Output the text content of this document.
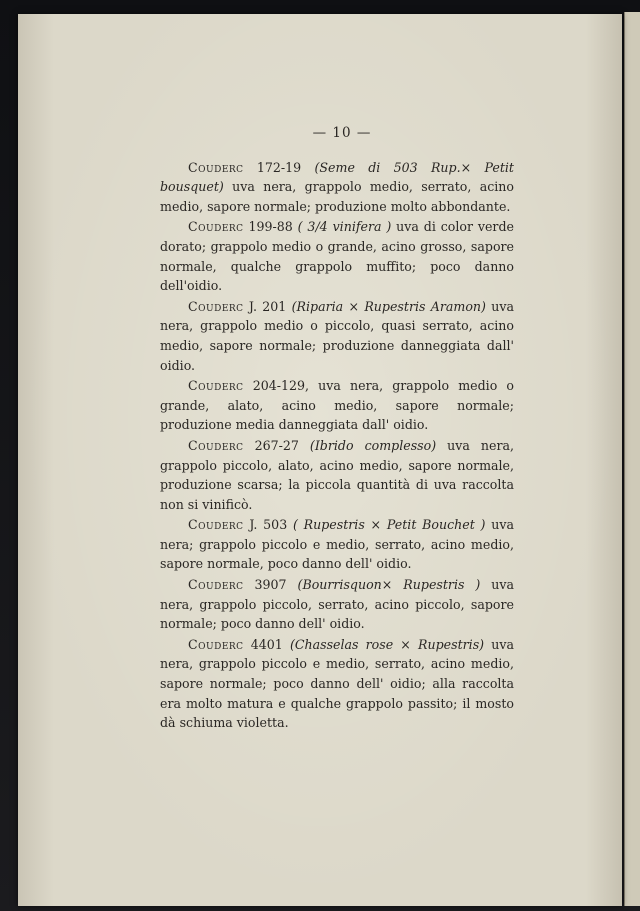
— 10 —

Couderc 172-19 (Seme di 503 Rup.× Petit bousquet) uva nera, grappolo medio, serrato, acino medio, sapore normale; produzione molto abbondante.

Couderc 199-88 ( 3/4 vinifera ) uva di color verde dorato; grappolo medio o grande, acino grosso, sapore normale, qualche grappolo muffito; poco danno dell'oidio.

Couderc J. 201 (Riparia × Rupestris Aramon) uva nera, grappolo medio o piccolo, quasi serrato, acino medio, sapore normale; produzione danneggiata dall' oidio.

Couderc 204-129, uva nera, grappolo medio o grande, alato, acino medio, sapore normale; produzione media danneggiata dall' oidio.

Couderc 267-27 (Ibrido complesso) uva nera, grappolo piccolo, alato, acino medio, sapore normale, produzione scarsa; la piccola quantità di uva raccolta non si vinificò.

Couderc J. 503 ( Rupestris × Petit Bouchet ) uva nera; grappolo piccolo e medio, serrato, acino medio, sapore normale, poco danno dell' oidio.

Couderc 3907 (Bourrisquon× Rupestris ) uva nera, grappolo piccolo, serrato, acino piccolo, sapore normale; poco danno dell' oidio.

Couderc 4401 (Chasselas rose × Rupestris) uva nera, grappolo piccolo e medio, serrato, acino medio, sapore normale; poco danno dell' oidio; alla raccolta era molto matura e qualche grappolo passito; il mosto dà schiuma violetta.
